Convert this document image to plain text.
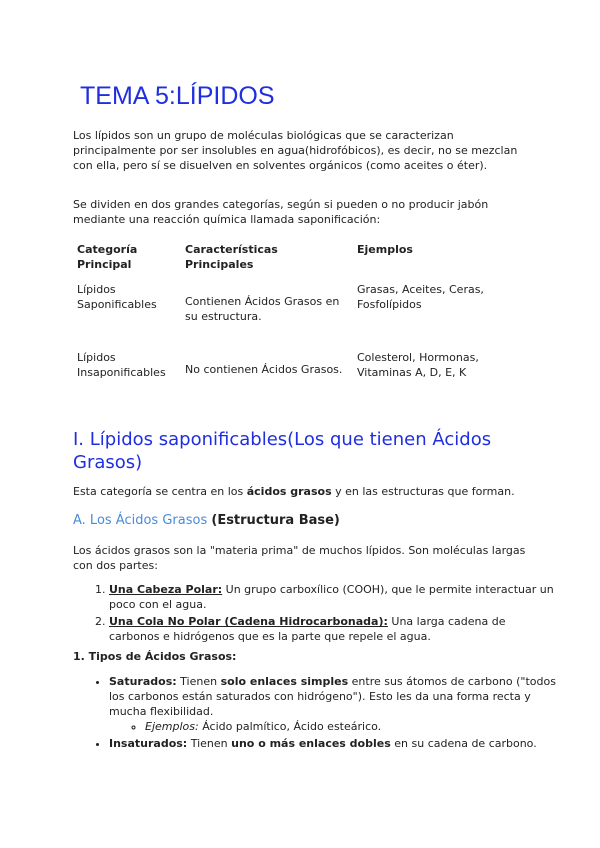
TEMA 5:LÍPIDOS

Los lípidos son un grupo de moléculas biológicas que se caracterizan principalmente por ser insolubles en agua(hidrofóbicos), es decir, no se mezclan con ella, pero sí se disuelven en solventes orgánicos (como aceites o éter).

Se dividen en dos grandes categorías, según si pueden o no producir jabón mediante una reacción química llamada saponificación:

Categoría Principal	Características Principales	Ejemplos
Lípidos Saponificables	Contienen Ácidos Grasos en su estructura.	Grasas, Aceites, Ceras, Fosfolípidos
Lípidos Insaponificables	No contienen Ácidos Grasos.	Colesterol, Hormonas, Vitaminas A, D, E, K
I. Lípidos saponificables(Los que tienen Ácidos Grasos)

Esta categoría se centra en los ácidos grasos y en las estructuras que forman.

A. Los Ácidos Grasos (Estructura Base)

Los ácidos grasos son la "materia prima" de muchos lípidos. Son moléculas largas con dos partes:

1. Una Cabeza Polar: Un grupo carboxílico (COOH), que le permite interactuar un poco con el agua.
2. Una Cola No Polar (Cadena Hidrocarbonada): Una larga cadena de carbonos e hidrógenos que es la parte que repele el agua.

1. Tipos de Ácidos Grasos:

• Saturados: Tienen solo enlaces simples entre sus átomos de carbono ("todos los carbonos están saturados con hidrógeno"). Esto les da una forma recta y mucha flexibilidad.
◦ Ejemplos: Ácido palmítico, Ácido esteárico.
• Insaturados: Tienen uno o más enlaces dobles en su cadena de carbono.
